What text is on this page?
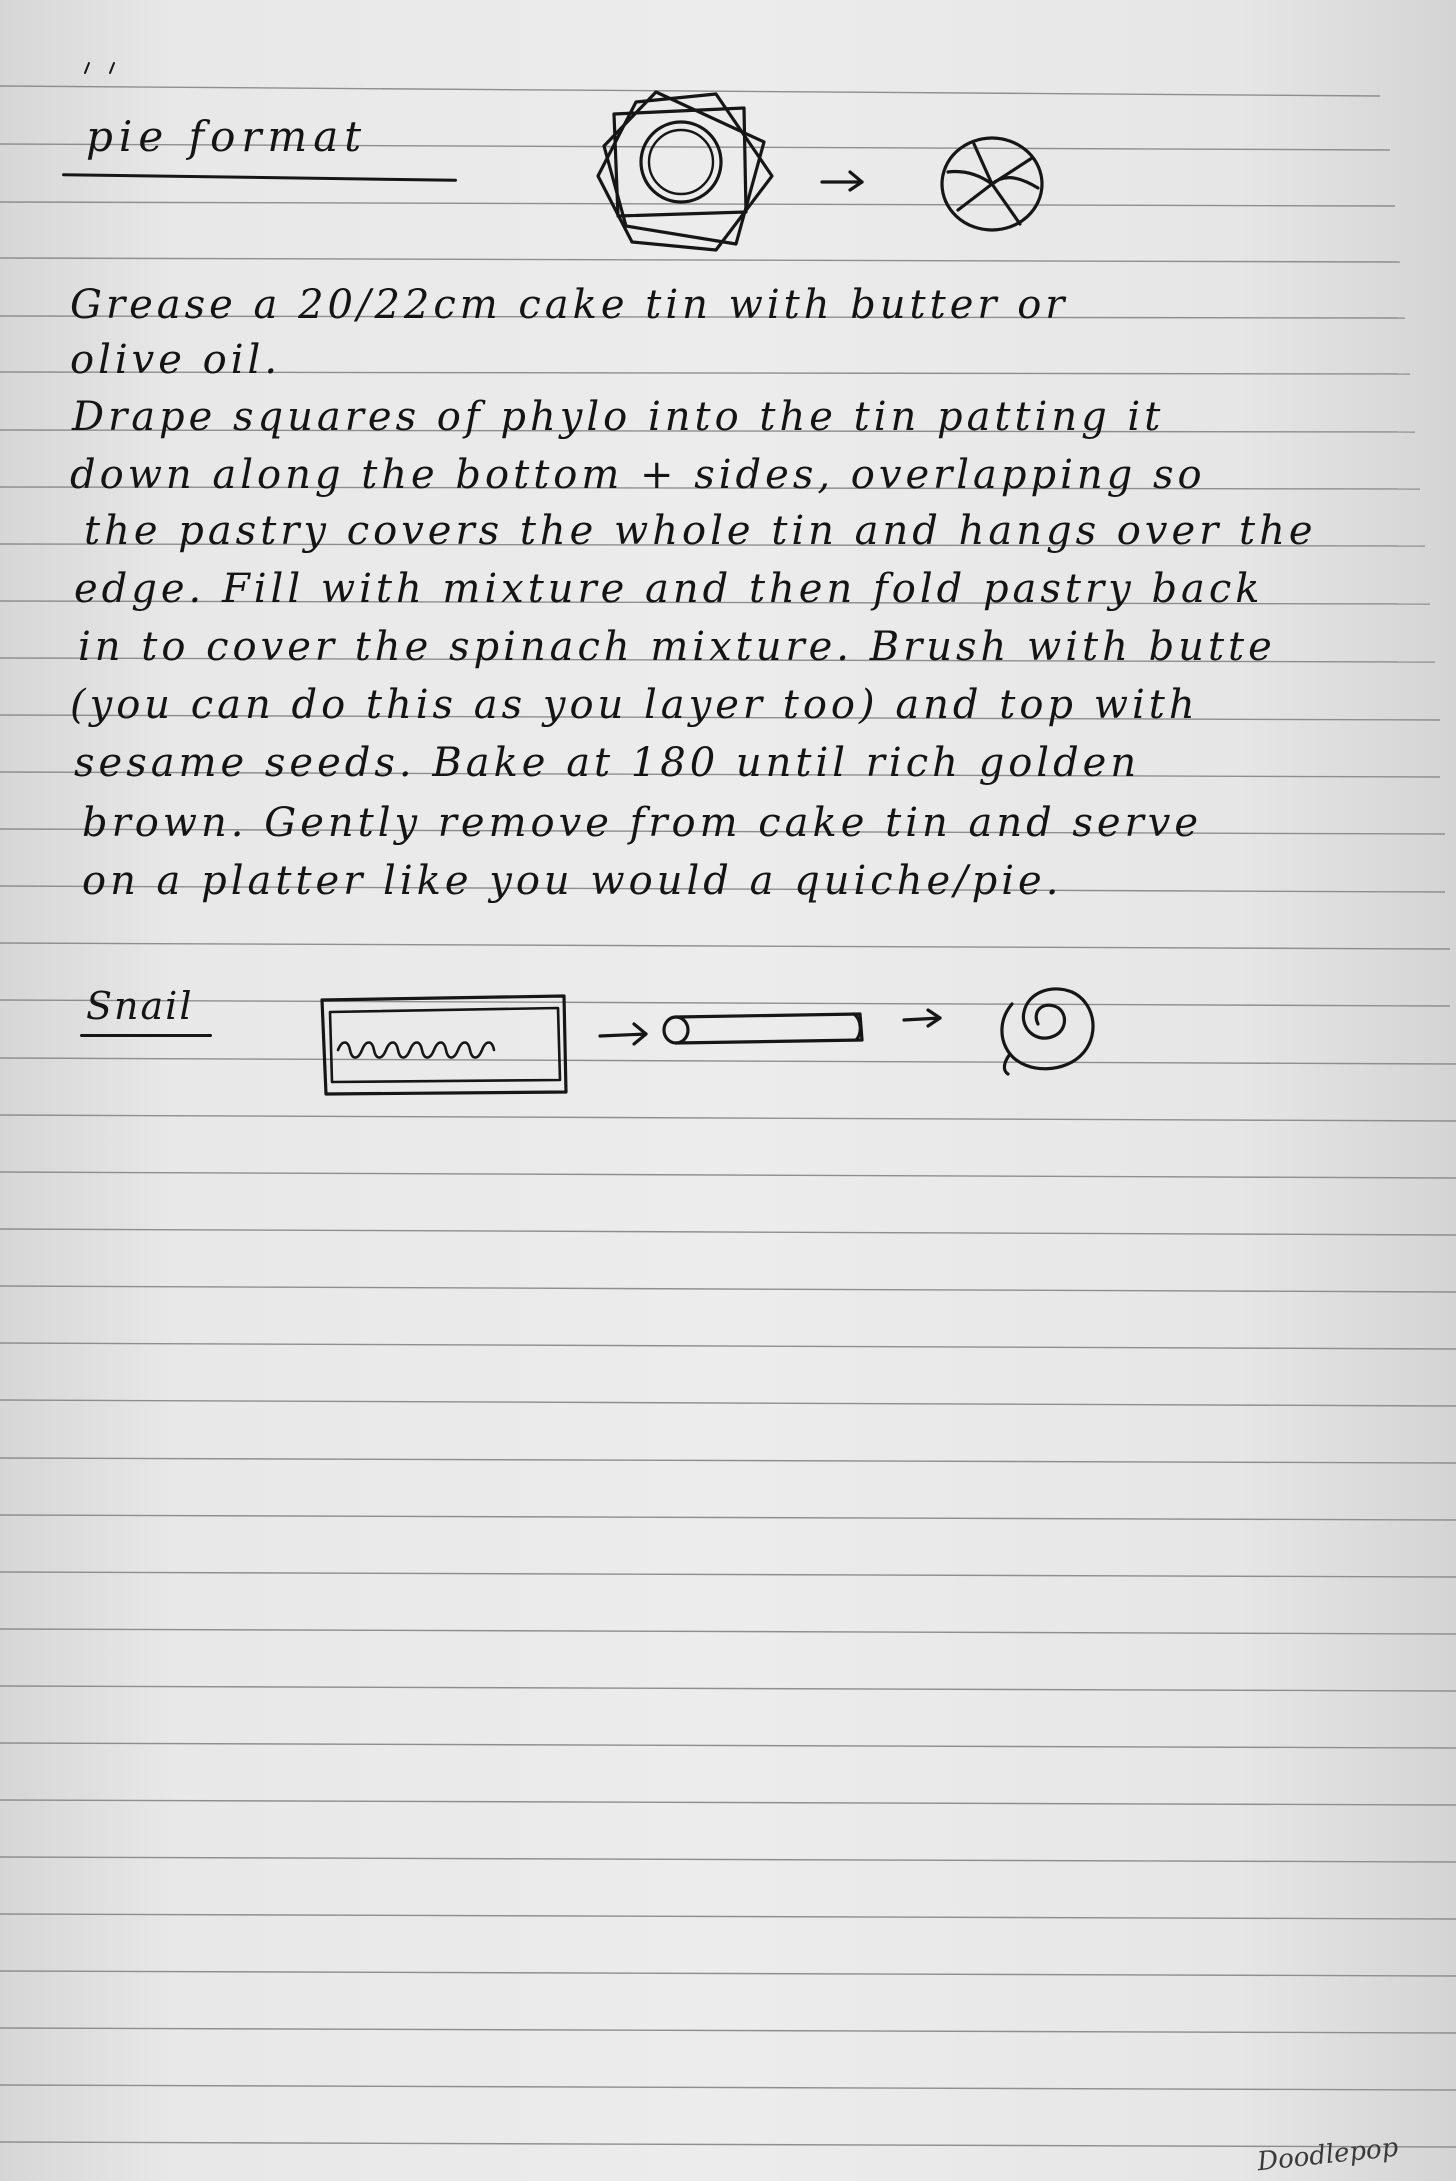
pie format
Grease a 20/22cm cake tin with butter or
olive oil.
Drape squares of phylo into the tin patting it
down along the bottom + sides, overlapping so
the pastry covers the whole tin and hangs over the
edge. Fill with mixture and then fold pastry back
in to cover the spinach mixture. Brush with butte
(you can do this as you layer too) and top with
sesame seeds. Bake at 180 until rich golden
brown. Gently remove from cake tin and serve
on a platter like you would a quiche/pie.
Snail
Doodlepop
